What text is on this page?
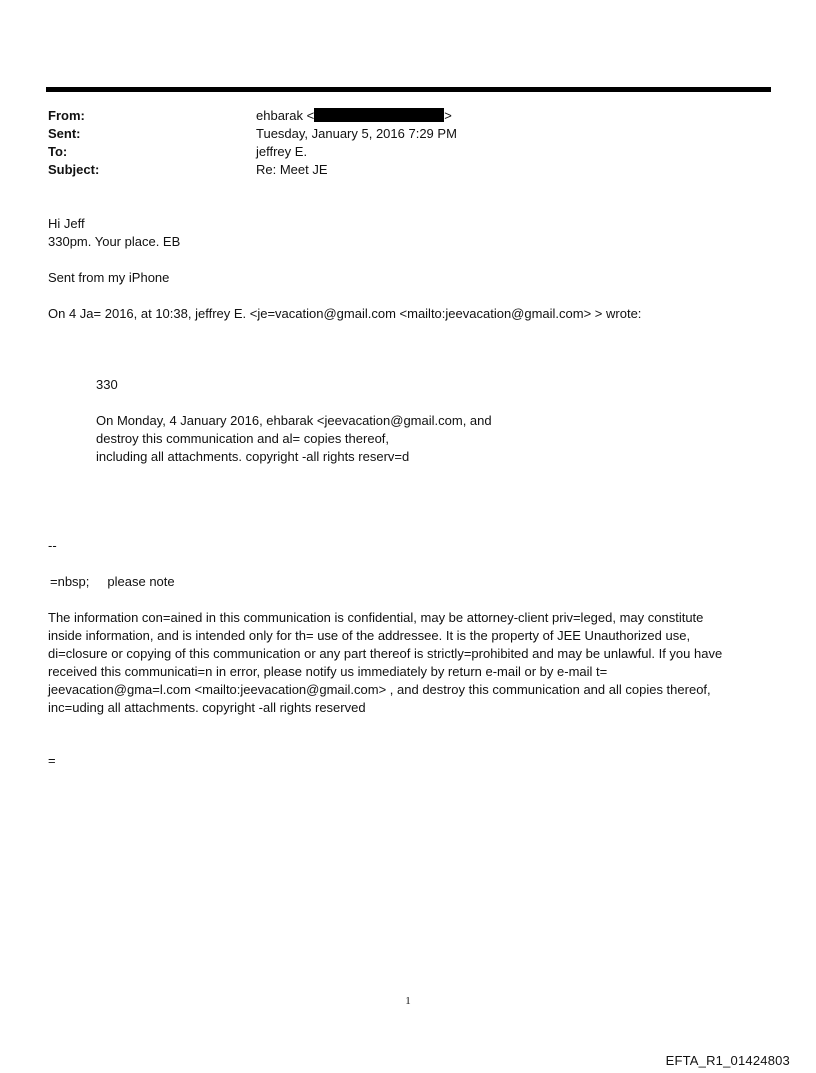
From:	ehbarak <	>
Sent:	Tuesday, January 5, 2016 7:29 PM
To:	jeffrey E.
Subject:	Re: Meet JE
Hi Jeff
330pm. Your place. EB
Sent from my iPhone
On 4 Ja= 2016, at 10:38, jeffrey E. <je=vacation@gmail.com <mailto:jeevacation@gmail.com> > wrote:
330
On Monday, 4 January 2016, ehbarak <jeevacation@gmail.com, and
destroy this communication and al= copies thereof,
including all attachments. copyright -all rights reserv=d
--
=nbsp; please note
The information con=ained in this communication is confidential, may be attorney-client priv=leged, may constitute
inside information, and is intended only for th= use of the addressee. It is the property of JEE Unauthorized use,
di=closure or copying of this communication or any part thereof is strictly=prohibited and may be unlawful. If you have
received this communicati=n in error, please notify us immediately by return e-mail or by e-mail t=
jeevacation@gma=l.com <mailto:jeevacation@gmail.com> , and destroy this communication and all copies thereof,
inc=uding all attachments. copyright -all rights reserved
=
1
EFTA_R1_01424803
